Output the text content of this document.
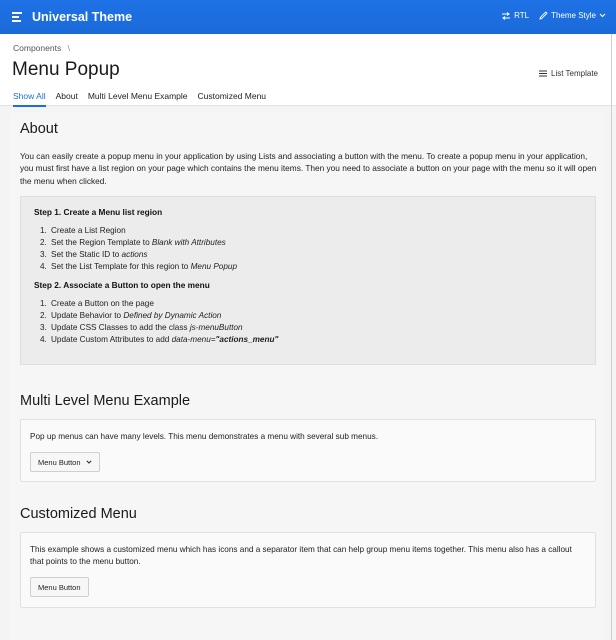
Universal Theme	RTL	Theme Style
Components \
Menu Popup	List Template
Show All About Multi Level Menu Example Customized Menu
About
You can easily create a popup menu in your application by using Lists and associating a button with the menu. To create a popup menu in your application, you must first have a list region on your page which contains the menu items. Then you need to associate a button on your page with the menu so it will open the menu when clicked.
Step 1. Create a Menu list region
1. Create a List Region
2. Set the Region Template to Blank with Attributes
3. Set the Static ID to actions
4. Set the List Template for this region to Menu Popup
Step 2. Associate a Button to open the menu
1. Create a Button on the page
2. Update Behavior to Defined by Dynamic Action
3. Update CSS Classes to add the class js-menuButton
4. Update Custom Attributes to add data-menu="actions_menu"
Multi Level Menu Example
Pop up menus can have many levels. This menu demonstrates a menu with several sub menus.
Menu Button
Customized Menu
This example shows a customized menu which has icons and a separator item that can help group menu items together. This menu also has a callout that points to the menu button.
Menu Button
